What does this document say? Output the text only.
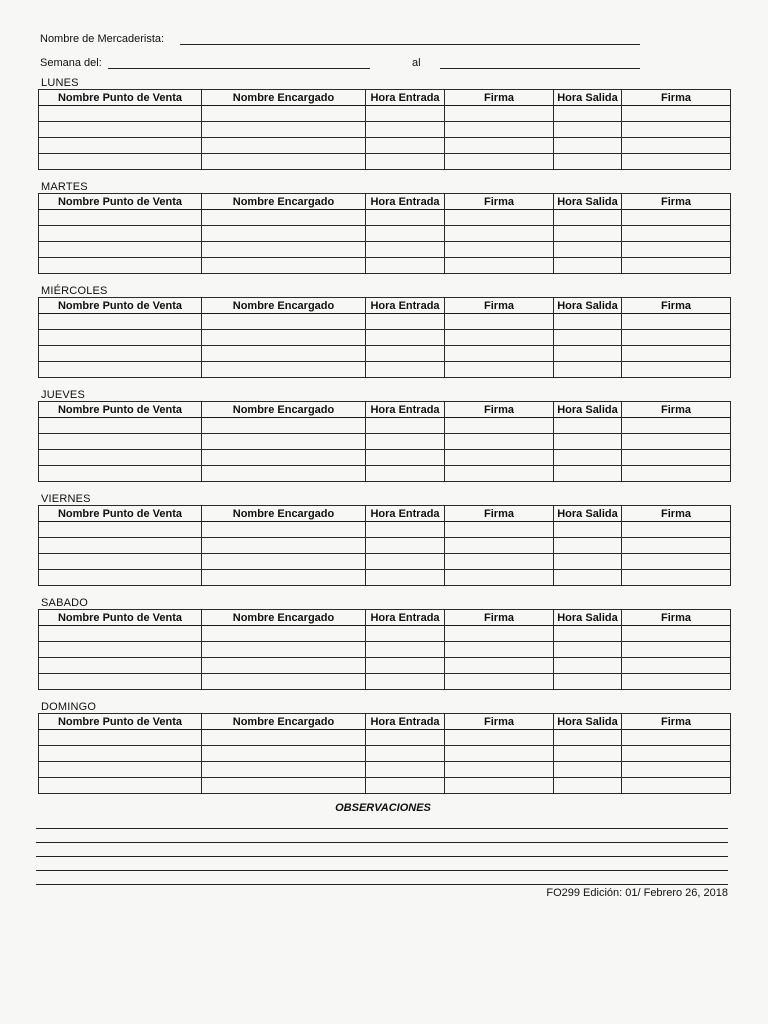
Nombre de Mercaderista:
Semana del:	al
LUNES
Nombre Punto de Venta	Nombre Encargado	Hora Entrada	Firma	Hora Salida	Firma

MARTES
Nombre Punto de Venta	Nombre Encargado	Hora Entrada	Firma	Hora Salida	Firma

MIÉRCOLES
Nombre Punto de Venta	Nombre Encargado	Hora Entrada	Firma	Hora Salida	Firma

JUEVES
Nombre Punto de Venta	Nombre Encargado	Hora Entrada	Firma	Hora Salida	Firma

VIERNES
Nombre Punto de Venta	Nombre Encargado	Hora Entrada	Firma	Hora Salida	Firma

SABADO
Nombre Punto de Venta	Nombre Encargado	Hora Entrada	Firma	Hora Salida	Firma

DOMINGO
Nombre Punto de Venta	Nombre Encargado	Hora Entrada	Firma	Hora Salida	Firma

OBSERVACIONES
FO299 Edición: 01/ Febrero 26, 2018
